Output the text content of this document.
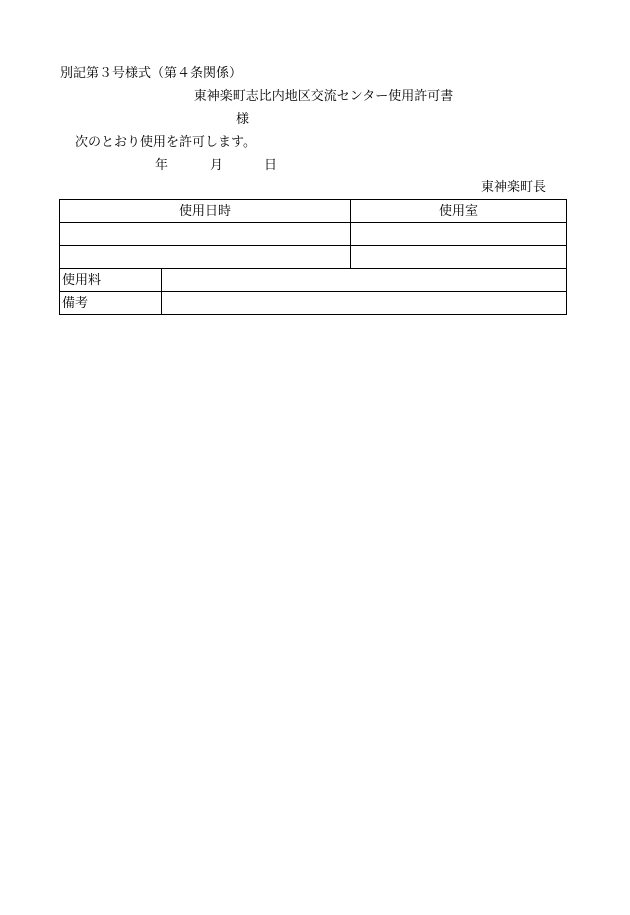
別記第３号様式（第４条関係）
東神楽町志比内地区交流センター使用許可書
様
次のとおり使用を許可します。
年	月	日
東神楽町長
使用日時		使用室

使用料		
備考		
